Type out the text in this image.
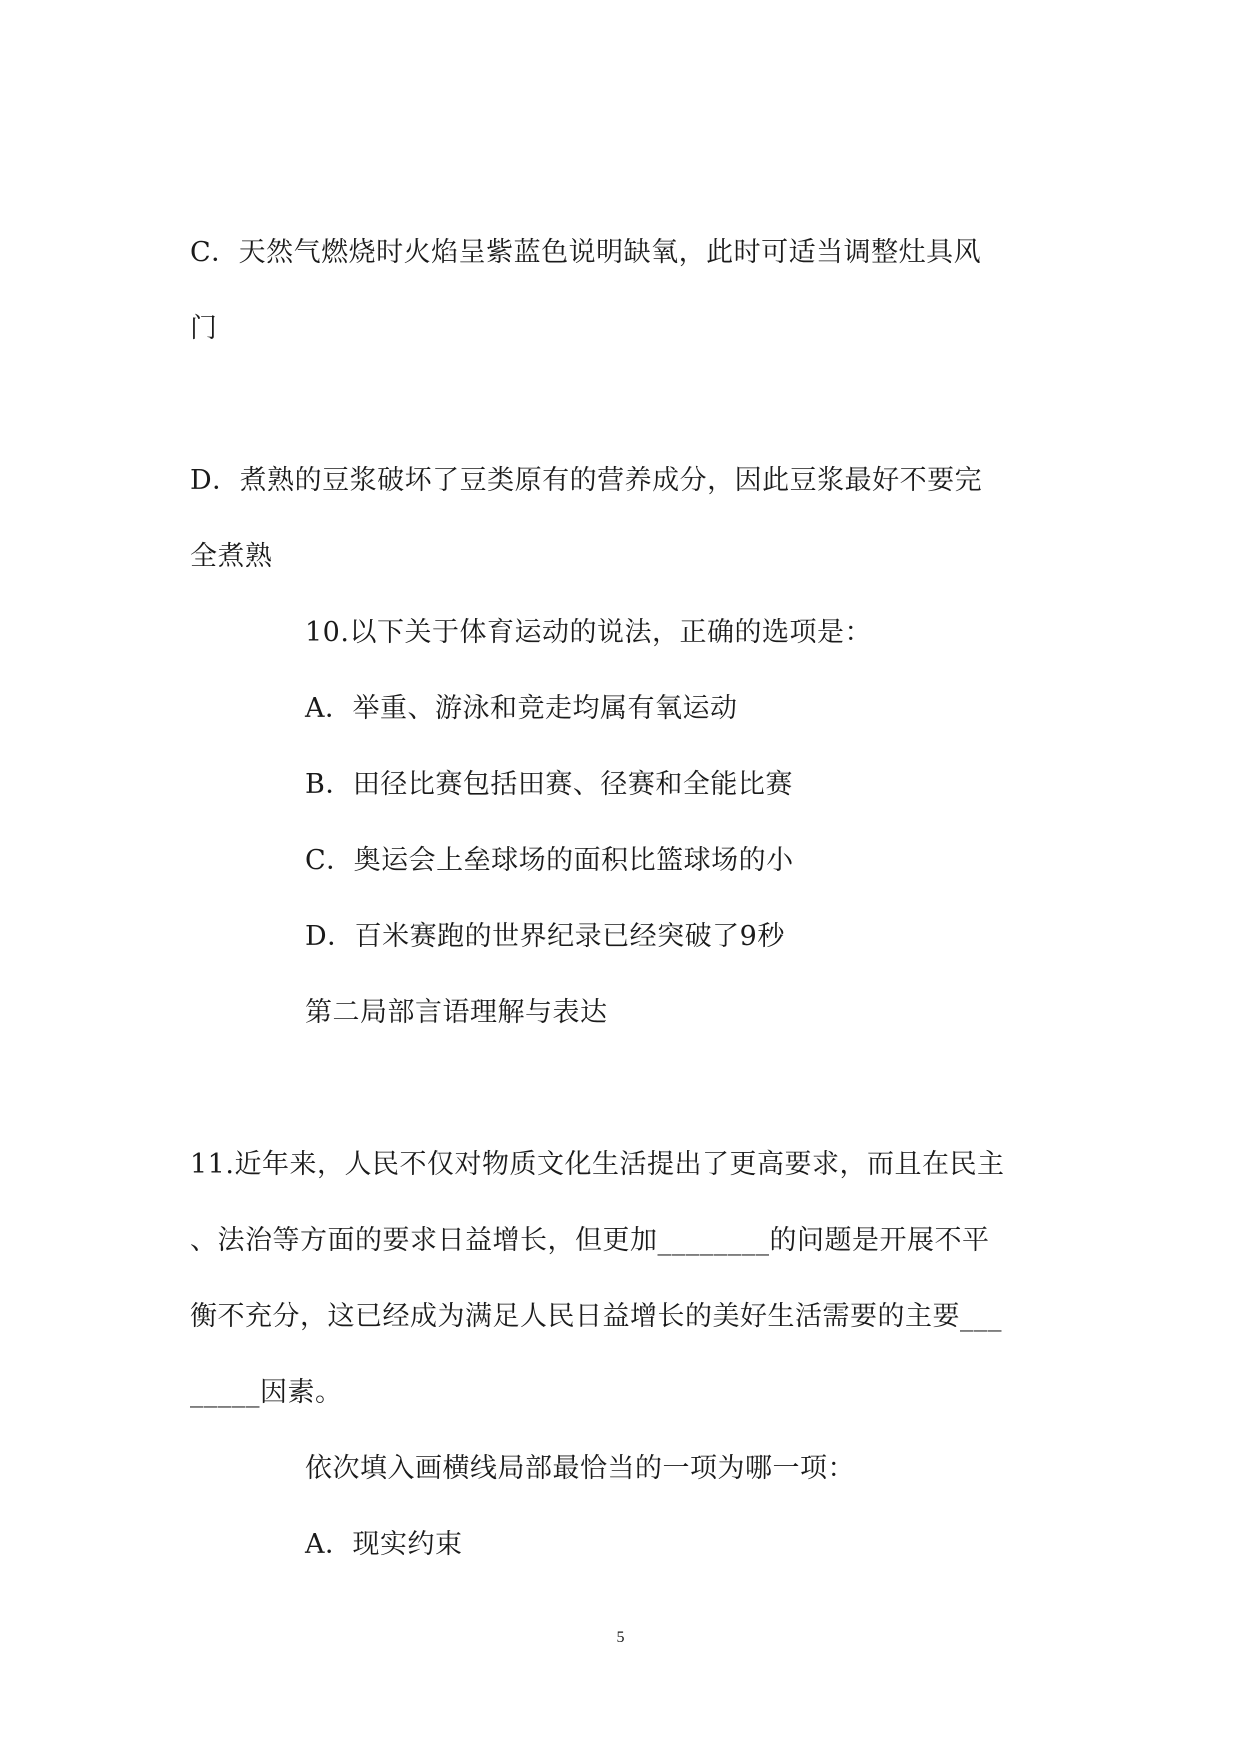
C．天然气燃烧时火焰呈紫蓝色说明缺氧，此时可适当调整灶具风
门
D．煮熟的豆浆破坏了豆类原有的营养成分，因此豆浆最好不要完
全煮熟
10.以下关于体育运动的说法，正确的选项是：
A．举重、游泳和竞走均属有氧运动
B．田径比赛包括田赛、径赛和全能比赛
C．奥运会上垒球场的面积比篮球场的小
D．百米赛跑的世界纪录已经突破了9秒
第二局部言语理解与表达
11.近年来，人民不仅对物质文化生活提出了更高要求，而且在民主
、法治等方面的要求日益增长，但更加________的问题是开展不平
衡不充分，这已经成为满足人民日益增长的美好生活需要的主要___
_____因素。
依次填入画横线局部最恰当的一项为哪一项：
A．现实约束
5
